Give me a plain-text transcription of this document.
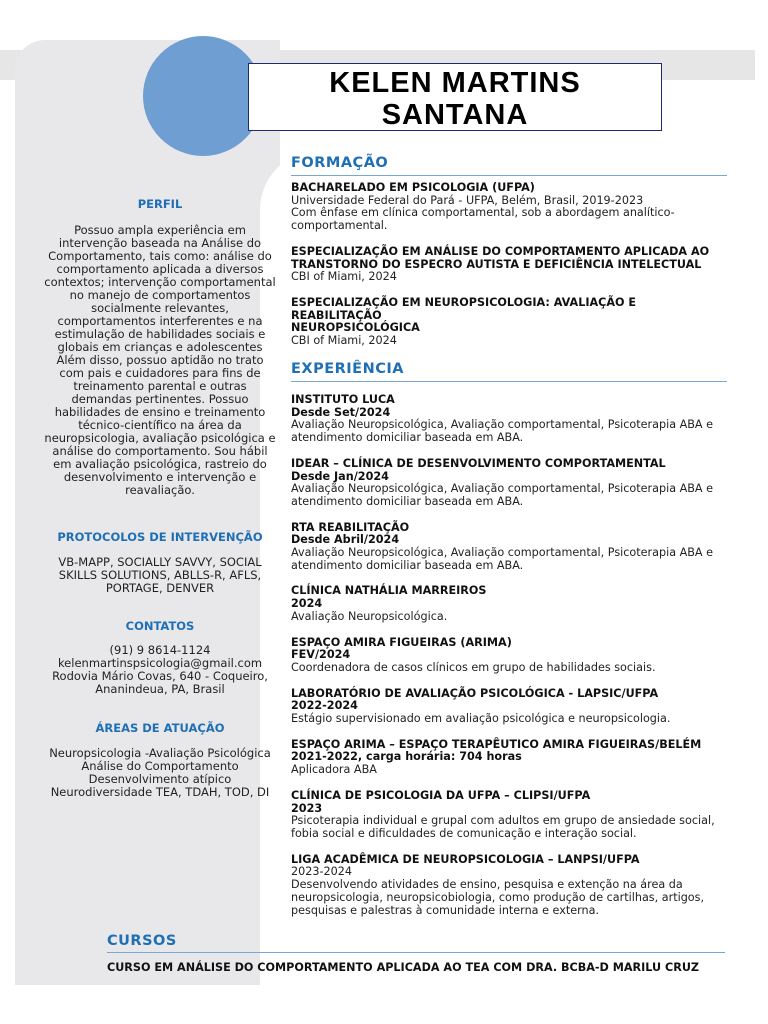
KELEN MARTINS
SANTANA
PERFIL
Possuo ampla experiência em intervenção baseada na Análise do Comportamento, tais como: análise do comportamento aplicada a diversos contextos; intervenção comportamental no manejo de comportamentos socialmente relevantes, comportamentos interferentes e na estimulação de habilidades sociais e globais em crianças e adolescentes Além disso, possuo aptidão no trato com pais e cuidadores para fins de treinamento parental e outras demandas pertinentes. Possuo habilidades de ensino e treinamento técnico-científico na área da neuropsicologia, avaliação psicológica e análise do comportamento. Sou hábil em avaliação psicológica, rastreio do desenvolvimento e intervenção e reavaliação.
PROTOCOLOS DE INTERVENÇÃO
VB-MAPP, SOCIALLY SAVVY, SOCIAL SKILLS SOLUTIONS, ABLLS-R, AFLS, PORTAGE, DENVER
CONTATOS
(91) 9 8614-1124
kelenmartinspsicologia@gmail.com
Rodovia Mário Covas, 640 - Coqueiro, Ananindeua, PA, Brasil
ÁREAS DE ATUAÇÃO
Neuropsicologia -Avaliação Psicológica
Análise do Comportamento
Desenvolvimento atípico
Neurodiversidade TEA, TDAH, TOD, DI
FORMAÇÃO
BACHARELADO EM PSICOLOGIA (UFPA)
Universidade Federal do Pará - UFPA, Belém, Brasil, 2019-2023
Com ênfase em clínica comportamental, sob a abordagem analítico-comportamental.
ESPECIALIZAÇÃO EM ANÁLISE DO COMPORTAMENTO APLICADA AO TRANSTORNO DO ESPECRO AUTISTA E DEFICIÊNCIA INTELECTUAL
CBI of Miami, 2024
ESPECIALIZAÇÃO EM NEUROPSICOLOGIA: AVALIAÇÃO E REABILITAÇÃO
NEUROPSICOLÓGICA
CBI of Miami, 2024
EXPERIÊNCIA
INSTITUTO LUCA
Desde Set/2024
Avaliação Neuropsicológica, Avaliação comportamental, Psicoterapia ABA e atendimento domiciliar baseada em ABA.
IDEAR – CLÍNICA DE DESENVOLVIMENTO COMPORTAMENTAL
Desde Jan/2024
Avaliação Neuropsicológica, Avaliação comportamental, Psicoterapia ABA e atendimento domiciliar baseada em ABA.
RTA REABILITAÇÃO
Desde Abril/2024
Avaliação Neuropsicológica, Avaliação comportamental, Psicoterapia ABA e atendimento domiciliar baseada em ABA.
CLÍNICA NATHÁLIA MARREIROS
2024
Avaliação Neuropsicológica.
ESPAÇO AMIRA FIGUEIRAS (ARIMA)
FEV/2024
Coordenadora de casos clínicos em grupo de habilidades sociais.
LABORATÓRIO DE AVALIAÇÃO PSICOLÓGICA - LAPSIC/UFPA
2022-2024
Estágio supervisionado em avaliação psicológica e neuropsicologia.
ESPAÇO ARIMA – ESPAÇO TERAPÊUTICO AMIRA FIGUEIRAS/BELÉM
2021-2022, carga horária: 704 horas
Aplicadora ABA
CLÍNICA DE PSICOLOGIA DA UFPA – CLIPSI/UFPA
2023
Psicoterapia individual e grupal com adultos em grupo de ansiedade social, fobia social e dificuldades de comunicação e interação social.
LIGA ACADÊMICA DE NEUROPSICOLOGIA – LANPSI/UFPA
2023-2024
Desenvolvendo atividades de ensino, pesquisa e extenção na área da neuropsicologia, neuropsicobiologia, como produção de cartilhas, artigos, pesquisas e palestras à comunidade interna e externa.
CURSOS
CURSO EM ANÁLISE DO COMPORTAMENTO APLICADA AO TEA COM DRA. BCBA-D MARILU CRUZ
